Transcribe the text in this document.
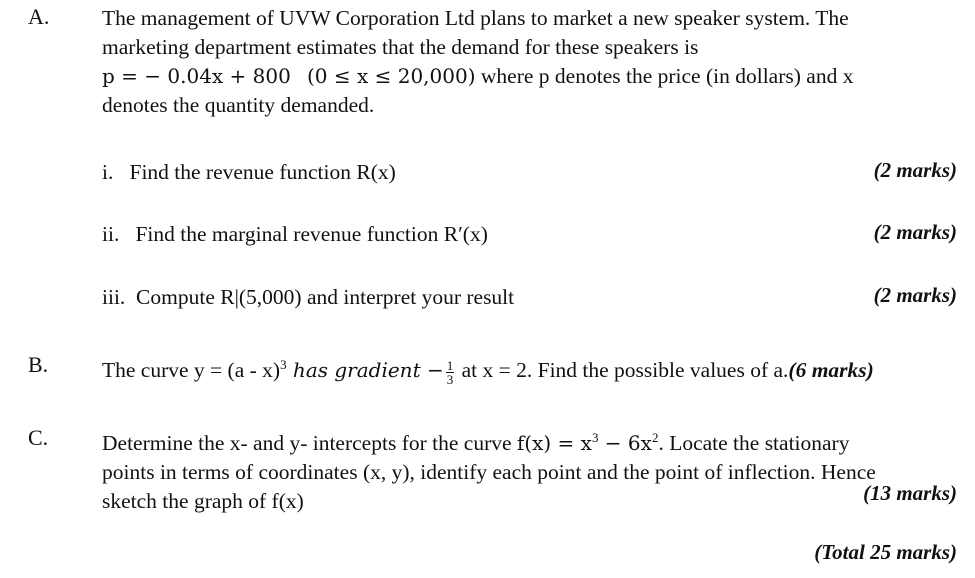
A. The management of UVW Corporation Ltd plans to market a new speaker system. The
marketing department estimates that the demand for these speakers is
p = − 0.04x + 800 (0 ≤ x ≤ 20,000) where p denotes the price (in dollars) and x
denotes the quantity demanded.
i. Find the revenue function R(x)	(2 marks)
ii. Find the marginal revenue function R′(x)	(2 marks)
iii. Compute R|(5,000) and interpret your result	(2 marks)
B.	The curve y = (a - x)$^3$ has gradient − $\frac{1}{3}$ at x = 2. Find the possible values of a.(6 marks)
C.	Determine the x- and y- intercepts for the curve $f(x) = x^3 - 6x^2$. Locate the stationary
points in terms of coordinates (x, y), identify each point and the point of inflection. Hence
sketch the graph of f(x)	(13 marks)
(Total 25 marks)
